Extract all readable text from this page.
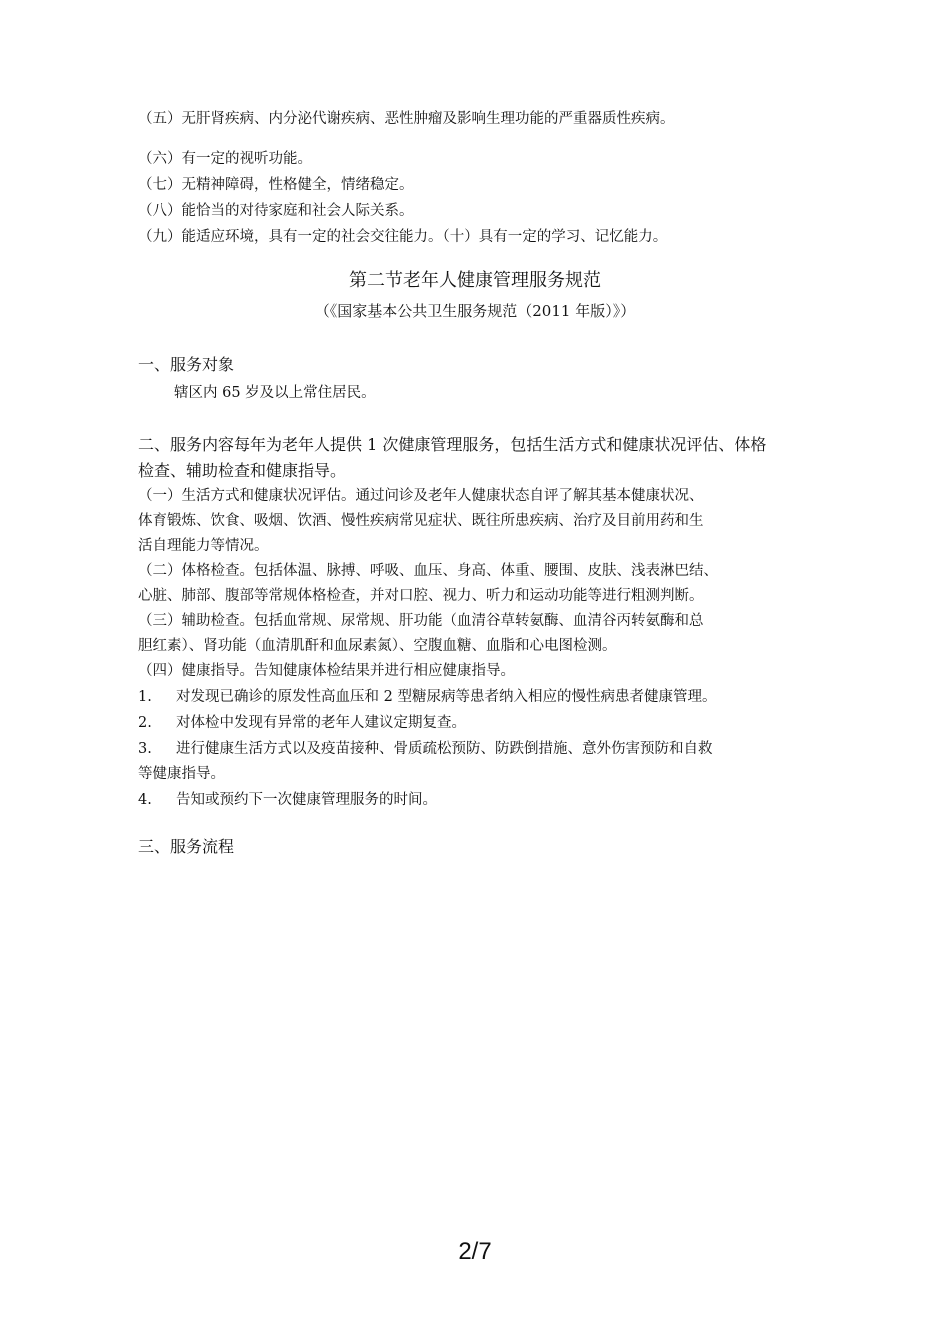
（五）无肝肾疾病、内分泌代谢疾病、恶性肿瘤及影响生理功能的严重器质性疾病。
（六）有一定的视听功能。
（七）无精神障碍，性格健全，情绪稳定。
（八）能恰当的对待家庭和社会人际关系。
（九）能适应环境，具有一定的社会交往能力。（十）具有一定的学习、记忆能力。
第二节老年人健康管理服务规范
（《国家基本公共卫生服务规范（2011 年版）》）
一、服务对象
辖区内 65 岁及以上常住居民。
二、服务内容每年为老年人提供 1 次健康管理服务，包括生活方式和健康状况评估、体格
检查、辅助检查和健康指导。
（一）生活方式和健康状况评估。通过问诊及老年人健康状态自评了解其基本健康状况、
体育锻炼、饮食、吸烟、饮酒、慢性疾病常见症状、既往所患疾病、治疗及目前用药和生
活自理能力等情况。
（二）体格检查。包括体温、脉搏、呼吸、血压、身高、体重、腰围、皮肤、浅表淋巴结、
心脏、肺部、腹部等常规体格检查，并对口腔、视力、听力和运动功能等进行粗测判断。
（三）辅助检查。包括血常规、尿常规、肝功能（血清谷草转氨酶、血清谷丙转氨酶和总
胆红素）、肾功能（血清肌酐和血尿素氮）、空腹血糖、血脂和心电图检测。
（四）健康指导。告知健康体检结果并进行相应健康指导。
1. 对发现已确诊的原发性高血压和 2 型糖尿病等患者纳入相应的慢性病患者健康管理。
2. 对体检中发现有异常的老年人建议定期复查。
3. 进行健康生活方式以及疫苗接种、骨质疏松预防、防跌倒措施、意外伤害预防和自救
等健康指导。
4. 告知或预约下一次健康管理服务的时间。
三、服务流程
2/7
